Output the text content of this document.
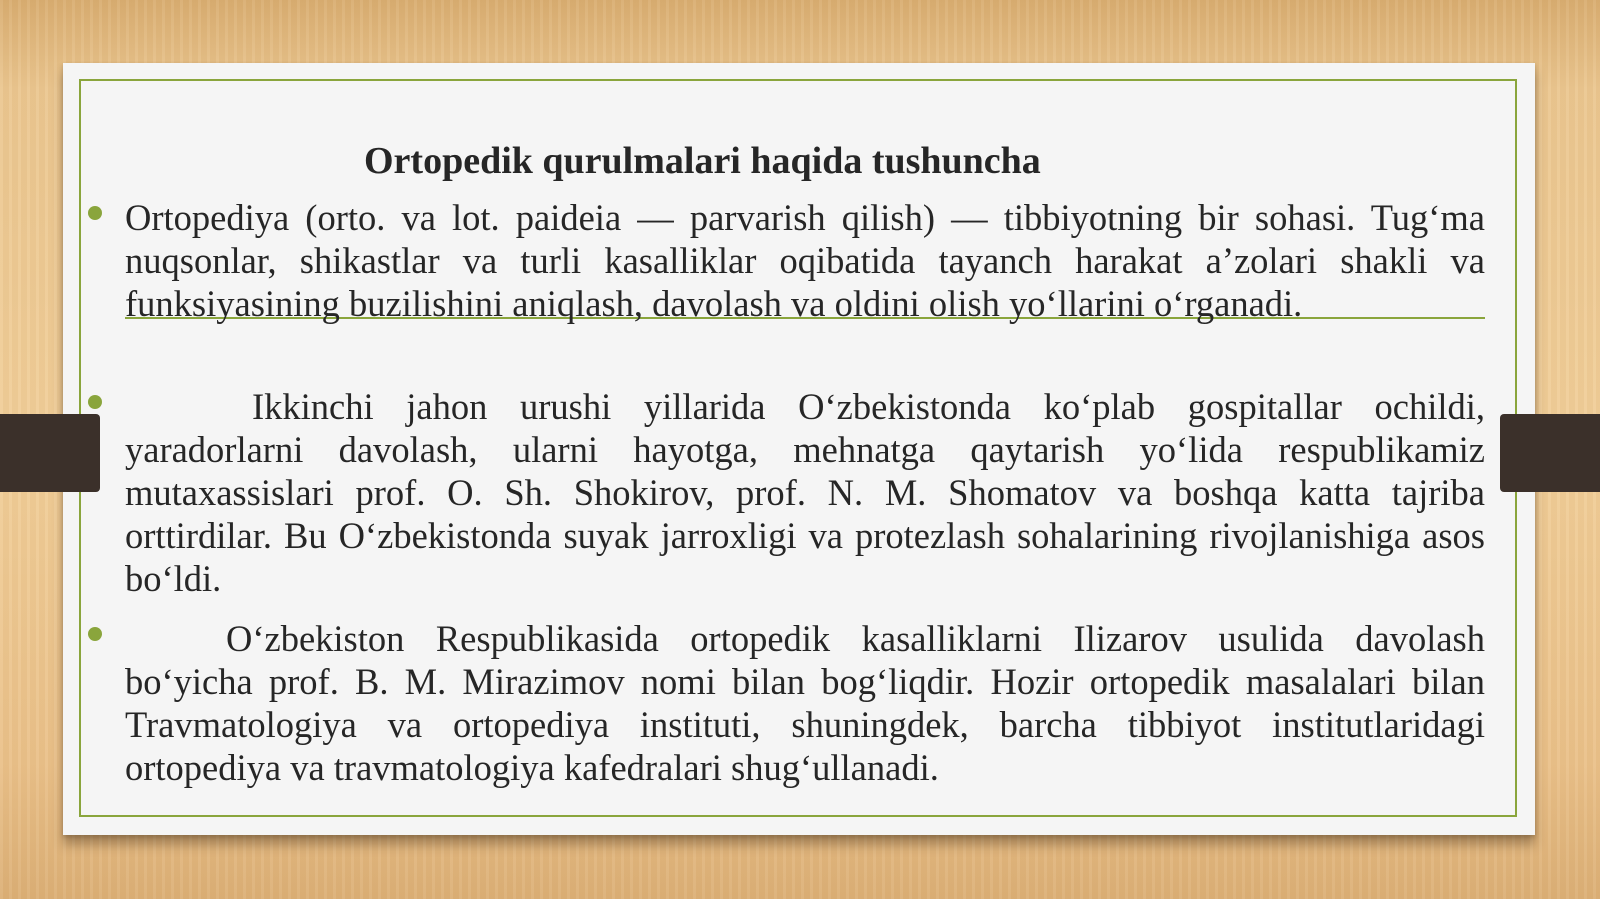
Ortopedik qurulmalari haqida tushuncha
Ortopediya (orto. va lot. paideia — parvarish qilish) — tibbiyotning bir sohasi. Tug‘ma nuqsonlar, shikastlar va turli kasalliklar oqibatida tayanch harakat a’zolari shakli va funksiyasining buzilishini aniqlash, davolash va oldini olish yo‘llarini o‘rganadi.
Ikkinchi jahon urushi yillarida O‘zbekistonda ko‘plab gospitallar ochildi, yaradorlarni davolash, ularni hayotga, mehnatga qaytarish yo‘lida respublikamiz mutaxassislari prof. O. Sh. Shokirov, prof. N. M. Shomatov va boshqa katta tajriba orttirdilar. Bu O‘zbekistonda suyak jarroxligi va protezlash sohalarining rivojlanishiga asos bo‘ldi.
O‘zbekiston Respublikasida ortopedik kasalliklarni Ilizarov usulida davolash bo‘yicha prof. B. M. Mirazimov nomi bilan bog‘liqdir. Hozir ortopedik masalalari bilan Travmatologiya va ortopediya instituti, shuningdek, barcha tibbiyot institutlaridagi ortopediya va travmatologiya kafedralari shug‘ullanadi.
